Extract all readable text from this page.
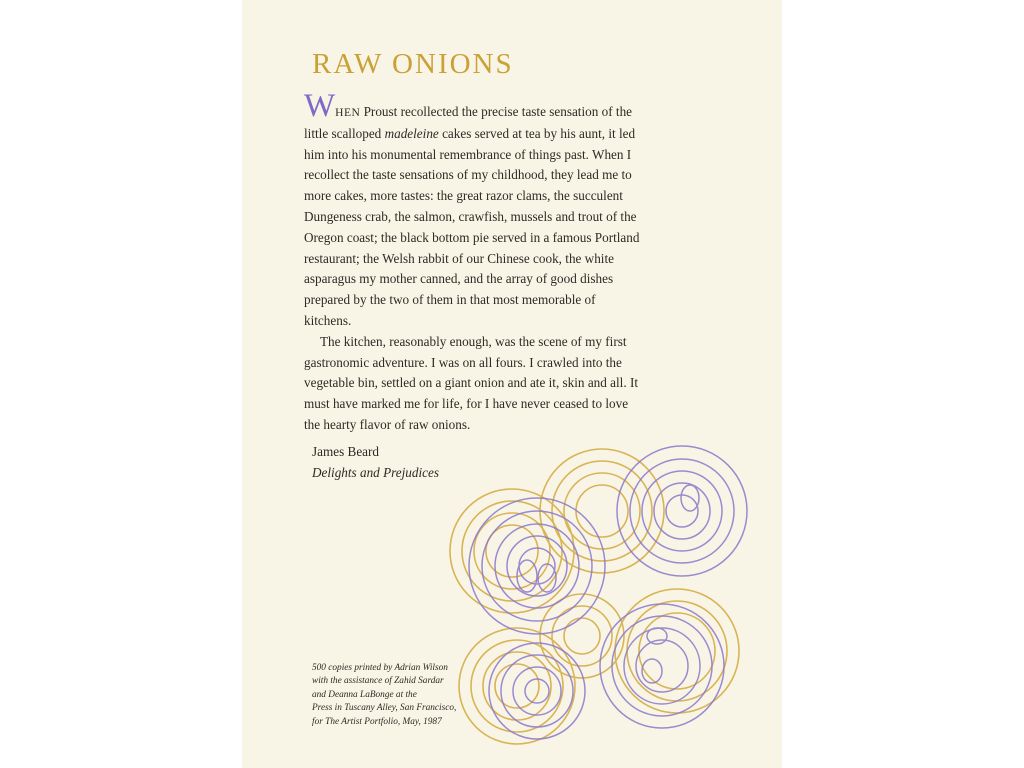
RAW ONIONS

WHEN Proust recollected the precise taste sensation of the little scalloped madeleine cakes served at tea by his aunt, it led him into his monumental remembrance of things past. When I recollect the taste sensations of my childhood, they lead me to more cakes, more tastes: the great razor clams, the succulent Dungeness crab, the salmon, crawfish, mussels and trout of the Oregon coast; the black bottom pie served in a famous Portland restaurant; the Welsh rabbit of our Chinese cook, the white asparagus my mother canned, and the array of good dishes prepared by the two of them in that most memorable of kitchens.

The kitchen, reasonably enough, was the scene of my first gastronomic adventure. I was on all fours. I crawled into the vegetable bin, settled on a giant onion and ate it, skin and all. It must have marked me for life, for I have never ceased to love the hearty flavor of raw onions.

James Beard
Delights and Prejudices
500 copies printed by Adrian Wilson
with the assistance of Zahid Sardar
and Deanna LaBonge at the
Press in Tuscany Alley, San Francisco,
for The Artist Portfolio, May, 1987
